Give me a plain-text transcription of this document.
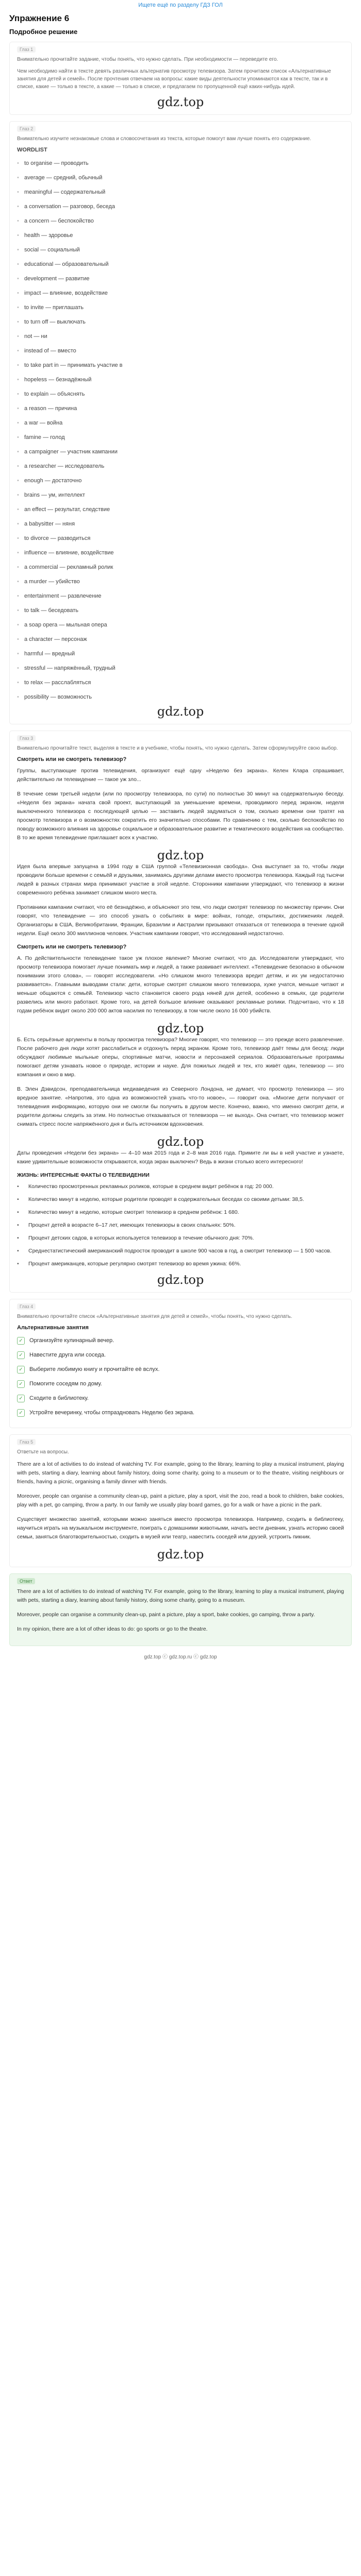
Ищете ещё по разделу ГДЗ ГОЛ
Упражнение 6
Подробное решение
Глаз 1
Внимательно прочитайте задание, чтобы понять, что нужно сделать. При необходимости — переведите его.
Чем необходимо найти в тексте девять различных альтернатив просмотру телевизора. Затем прочитаем список «Альтернативные занятия для детей и семей». После прочтения отвечаем на вопросы: какие виды деятельности упоминаются как в тексте, так и в списке, какие — только в тексте, а какие — только в списке, и предлагаем по пропущенной ещё каких-нибудь идей.
gdz.top
Глаз 2
Внимательно изучите незнакомые слова и словосочетания из текста, которые помогут вам лучше понять его содержание.
WORDLIST
• to organise — проводить
• average — средний, обычный
• meaningful — содержательный
• a conversation — разговор, беседа
• a concern — беспокойство
• health — здоровье
• social — социальный
• educational — образовательный
• development — развитие
• impact — влияние, воздействие
• to invite — приглашать
• to turn off — выключать
• not — ни
• instead of — вместо
• to take part in — принимать участие в
• hopeless — безнадёжный
• to explain — объяснять
• a reason — причина
• a war — война
• famine — голод
• a campaigner — участник кампании
• a researcher — исследователь
• enough — достаточно
• brains — ум, интеллект
• an effect — результат, следствие
• a babysitter — няня
• to divorce — разводиться
• influence — влияние, воздействие
• a commercial — рекламный ролик
• a murder — убийство
• entertainment — развлечение
• to talk — беседовать
• a soap opera — мыльная опера
• a character — персонаж
• harmful — вредный
• stressful — напряжённый, трудный
• to relax — расслабляться
• possibility — возможность
gdz.top
Глаз 3
Внимательно прочитайте текст, выделяя в тексте и в учебнике, чтобы понять, что нужно сделать. Затем сформулируйте свою выбор.
Смотреть или не смотреть телевизор?
Группы, выступающие против телевидения, организуют ещё одну «Неделю без экрана». Келен Клара спрашивает, действительно ли телевидение — такое уж зло...
В течение семи третьей недели (или по просмотру телевизора, по сути) по полностью 30 минут на содержательную беседу. «Неделя без экрана» начата свой проект, выступающий за уменьшение времени, проводимого перед экраном, неделя выключенного телевизора с последующей целью — заставить людей задуматься о том, сколько времени они тратят на просмотр телевизора и о возможностях сократить его значительно способами. По сравнению с тем, сколько беспокойство по поводу возможного влияния на здоровье социальное и образовательное развитие и тематического воздействия на сообщество. В то же время телевидение приглашает всех к участию.
gdz.top
Идея была впервые запущена в 1994 году в США группой «Телевизионная свобода». Она выступает за то, чтобы люди проводили больше времени с семьёй и друзьями, занимаясь другими делами вместо просмотра телевизора. Каждый год тысячи людей в разных странах мира принимают участие в этой неделе. Сторонники кампании утверждают, что телевизор в жизни современного ребёнка занимает слишком много места.
Противники кампании считают, что её безнадёжно, и объясняют это тем, что люди смотрят телевизор по множеству причин. Они говорят, что телевидение — это способ узнать о событиях в мире: войнах, голоде, открытиях, достижениях людей. Организаторы в США, Великобритании, Франции, Бразилии и Австралии призывают отказаться от телевизора в течение одной недели. Ещё около 300 миллионов человек. Участник кампании говорит, что исследований недостаточно.
Смотреть или не смотреть телевизор?
А. По действительности телевидение такое уж плохое явление? Многие считают, что да. Исследователи утверждают, что просмотр телевизора помогает лучше понимать мир и людей, а также развивает интеллект. «Телевидение безопасно в обычном понимании этого слова», — говорят исследователи. «Но слишком много телевизора вредит детям, и их ум недостаточно развивается». Главными выводами стали: дети, которые смотрят слишком много телевизора, хуже учатся, меньше читают и меньше общаются с семьёй. Телевизор часто становится своего рода няней для детей, особенно в семьях, где родители развелись или много работают. Кроме того, на детей большое влияние оказывают рекламные ролики. Подсчитано, что к 18 годам ребёнок видит около 200 000 актов насилия по телевизору, в том числе около 16 000 убийств.
gdz.top
Б. Есть серьёзные аргументы в пользу просмотра телевизора? Многие говорят, что телевизор — это прежде всего развлечение. После рабочего дня люди хотят расслабиться и отдохнуть перед экраном. Кроме того, телевизор даёт темы для бесед: люди обсуждают любимые мыльные оперы, спортивные матчи, новости и персонажей сериалов. Образовательные программы помогают детям узнавать новое о природе, истории и науке. Для пожилых людей и тех, кто живёт один, телевизор — это компания и окно в мир.
В. Элен Дэвидсон, преподавательница медиаведения из Северного Лондона, не думает, что просмотр телевизора — это вредное занятие. «Напротив, это одна из возможностей узнать что-то новое», — говорит она. «Многие дети получают от телевидения информацию, которую они не смогли бы получить в другом месте. Конечно, важно, что именно смотрят дети, и родители должны следить за этим. Но полностью отказываться от телевизора — не выход». Она считает, что телевизор может снимать стресс после напряжённого дня и быть источником вдохновения.
gdz.top
Даты проведения «Недели без экрана» — 4–10 мая 2015 года и 2–8 мая 2016 года. Примите ли вы в ней участие и узнаете, какие удивительные возможности открываются, когда экран выключен? Ведь в жизни столько всего интересного!
ЖИЗНЬ: ИНТЕРЕСНЫЕ ФАКТЫ О ТЕЛЕВИДЕНИИ
• Количество просмотренных рекламных роликов, которые в среднем видит ребёнок в год: 20 000.
• Количество минут в неделю, которые родители проводят в содержательных беседах со своими детьми: 38,5.
• Количество минут в неделю, которые смотрит телевизор в среднем ребёнок: 1 680.
• Процент детей в возрасте 6–17 лет, имеющих телевизоры в своих спальнях: 50%.
• Процент детских садов, в которых используется телевизор в течение обычного дня: 70%.
• Среднестатистический американский подросток проводит в школе 900 часов в год, а смотрит телевизор — 1 500 часов.
• Процент американцев, которые регулярно смотрят телевизор во время ужина: 66%.
gdz.top
Глаз 4
Внимательно прочитайте список «Альтернативные занятия для детей и семей», чтобы понять, что нужно сделать.
Альтернативные занятия
✓	Организуйте кулинарный вечер.
✓	Навестите друга или соседа.
✓	Выберите любимую книгу и прочитайте её вслух.
✓	Помогите соседям по дому.
✓	Сходите в библиотеку.
✓	Устройте вечеринку, чтобы отпраздновать Неделю без экрана.
Глаз 5
Ответьте на вопросы.
There are a lot of activities to do instead of watching TV. For example, going to the library, learning to play a musical instrument, playing with pets, starting a diary, learning about family history, doing some charity, going to a museum or to the theatre, visiting neighbours or friends, having a picnic, organising a family dinner with friends.
Moreover, people can organise a community clean-up, paint a picture, play a sport, visit the zoo, read a book to children, bake cookies, play with a pet, go camping, throw a party. In our family we usually play board games, go for a walk or have a picnic in the park.
Существует множество занятий, которыми можно заняться вместо просмотра телевизора. Например, сходить в библиотеку, научиться играть на музыкальном инструменте, поиграть с домашними животными, начать вести дневник, узнать историю своей семьи, заняться благотворительностью, сходить в музей или театр, навестить соседей или друзей, устроить пикник.
gdz.top
Ответ
There are a lot of activities to do instead of watching TV. For example, going to the library, learning to play a musical instrument, playing with pets, starting a diary, learning about family history, doing some charity, going to a museum.
Moreover, people can organise a community clean-up, paint a picture, play a sport, bake cookies, go camping, throw a party.
In my opinion, there are a lot of other ideas to do: go sports or go to the theatre.
gdz.top ⓒ gdz.top.ru ⓒ gdz.top
